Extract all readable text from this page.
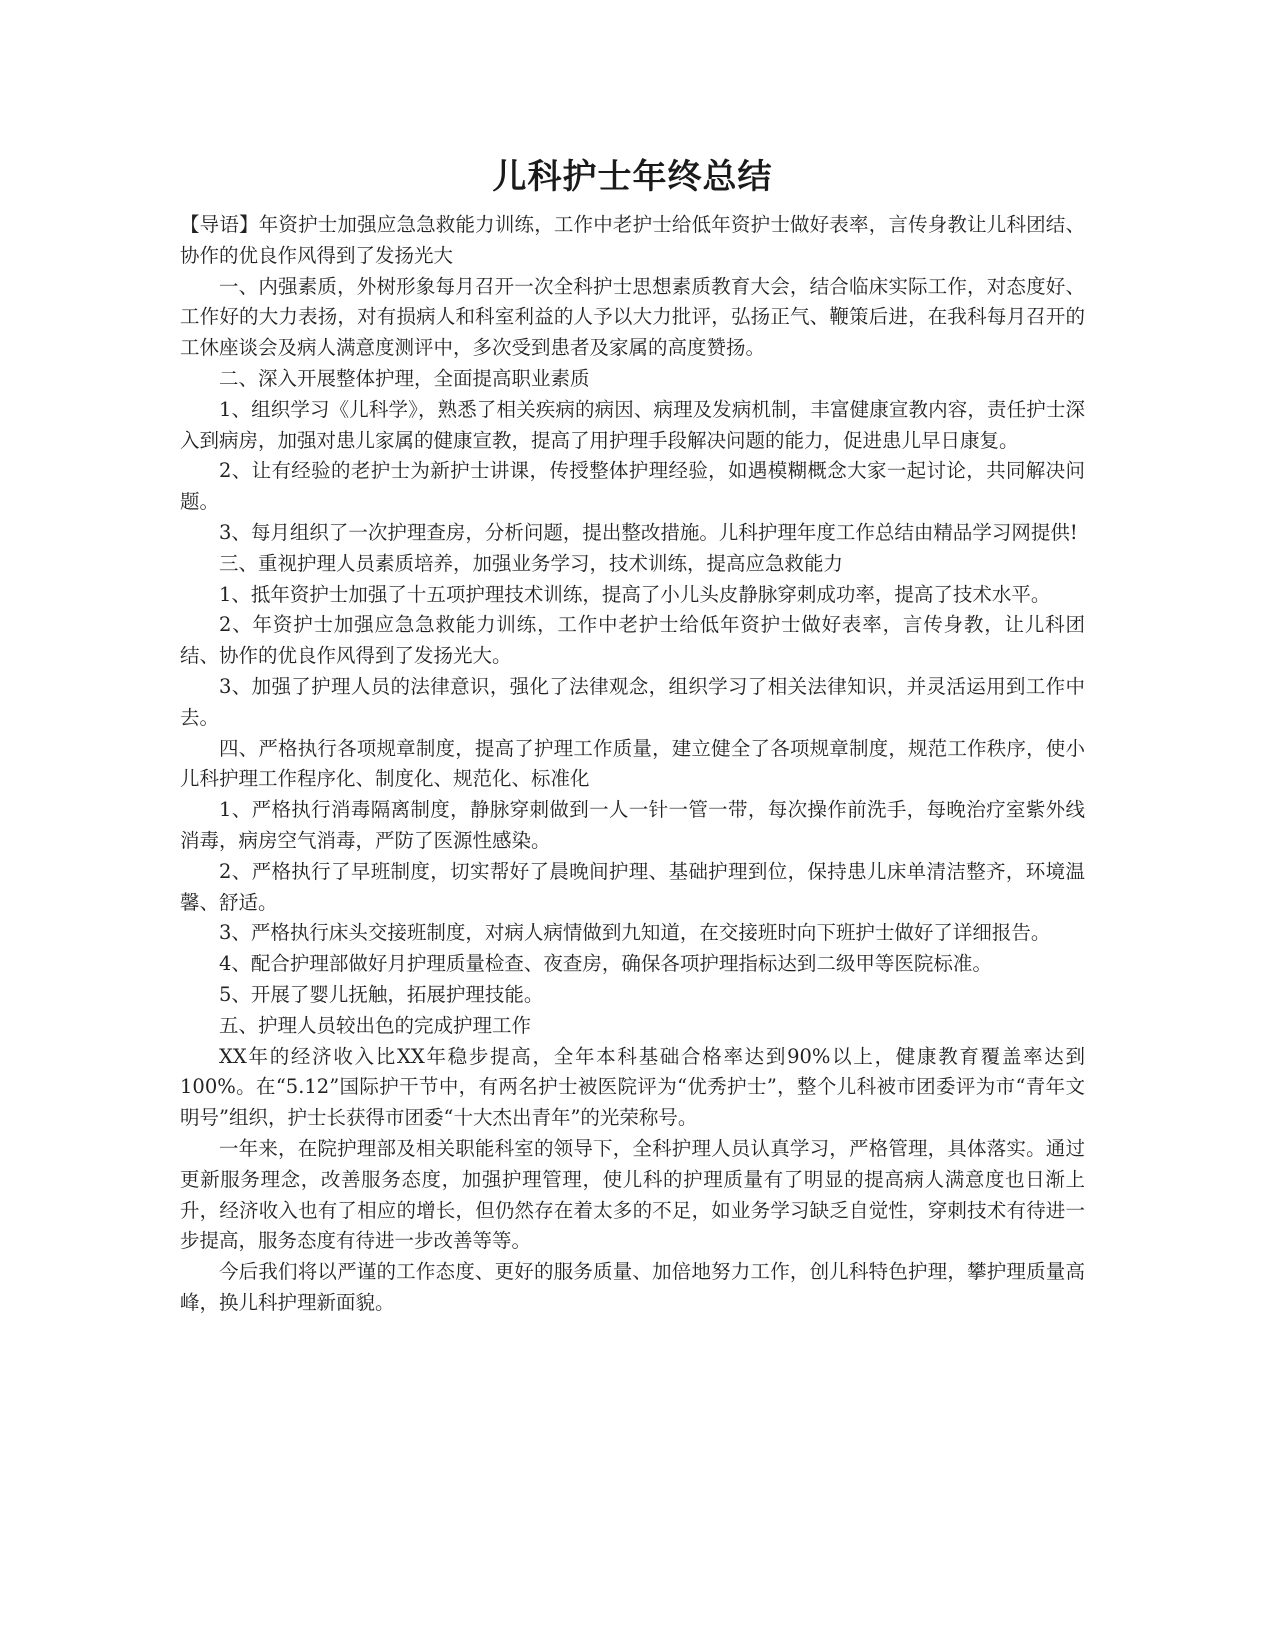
儿科护士年终总结

【导语】年资护士加强应急急救能力训练，工作中老护士给低年资护士做好表率，言传身教让儿科团结、协作的优良作风得到了发扬光大

一、内强素质，外树形象每月召开一次全科护士思想素质教育大会，结合临床实际工作，对态度好、工作好的大力表扬，对有损病人和科室利益的人予以大力批评，弘扬正气、鞭策后进，在我科每月召开的工休座谈会及病人满意度测评中，多次受到患者及家属的高度赞扬。

二、深入开展整体护理，全面提高职业素质

1、组织学习《儿科学》，熟悉了相关疾病的病因、病理及发病机制，丰富健康宣教内容，责任护士深入到病房，加强对患儿家属的健康宣教，提高了用护理手段解决问题的能力，促进患儿早日康复。

2、让有经验的老护士为新护士讲课，传授整体护理经验，如遇模糊概念大家一起讨论，共同解决问题。

3、每月组织了一次护理查房，分析问题，提出整改措施。儿科护理年度工作总结由精品学习网提供!

三、重视护理人员素质培养，加强业务学习，技术训练，提高应急救能力

1、抵年资护士加强了十五项护理技术训练，提高了小儿头皮静脉穿刺成功率，提高了技术水平。

2、年资护士加强应急急救能力训练，工作中老护士给低年资护士做好表率，言传身教，让儿科团结、协作的优良作风得到了发扬光大。

3、加强了护理人员的法律意识，强化了法律观念，组织学习了相关法律知识，并灵活运用到工作中去。

四、严格执行各项规章制度，提高了护理工作质量，建立健全了各项规章制度，规范工作秩序，使小儿科护理工作程序化、制度化、规范化、标准化

1、严格执行消毒隔离制度，静脉穿刺做到一人一针一管一带，每次操作前洗手，每晚治疗室紫外线消毒，病房空气消毒，严防了医源性感染。

2、严格执行了早班制度，切实帮好了晨晚间护理、基础护理到位，保持患儿床单清洁整齐，环境温馨、舒适。

3、严格执行床头交接班制度，对病人病情做到九知道，在交接班时向下班护士做好了详细报告。

4、配合护理部做好月护理质量检查、夜查房，确保各项护理指标达到二级甲等医院标准。

5、开展了婴儿抚触，拓展护理技能。

五、护理人员较出色的完成护理工作

XX年的经济收入比XX年稳步提高，全年本科基础合格率达到90%以上，健康教育覆盖率达到100%。在“5.12”国际护干节中，有两名护士被医院评为“优秀护士”，整个儿科被市团委评为市“青年文明号”组织，护士长获得市团委“十大杰出青年”的光荣称号。

一年来，在院护理部及相关职能科室的领导下，全科护理人员认真学习，严格管理，具体落实。通过更新服务理念，改善服务态度，加强护理管理，使儿科的护理质量有了明显的提高病人满意度也日渐上升，经济收入也有了相应的增长，但仍然存在着太多的不足，如业务学习缺乏自觉性，穿刺技术有待进一步提高，服务态度有待进一步改善等等。

今后我们将以严谨的工作态度、更好的服务质量、加倍地努力工作，创儿科特色护理，攀护理质量高峰，换儿科护理新面貌。
